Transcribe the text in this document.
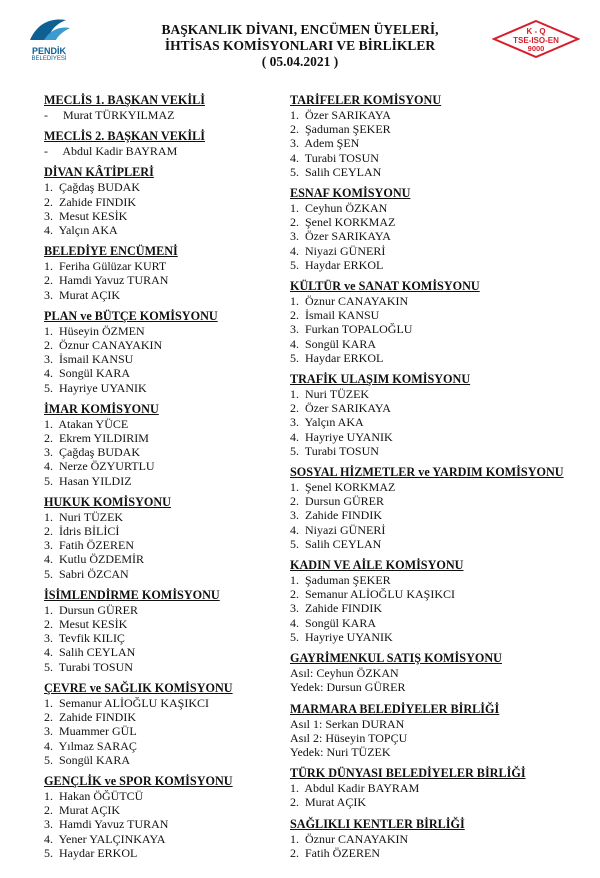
PENDİK
BELEDİYESİ
BAŞKANLIK DİVANI, ENCÜMEN ÜYELERİ,
İHTİSAS KOMİSYONLARI VE BİRLİKLER
( 05.04.2021 )
K - Q
TSE-ISO-EN
9000
MECLİS 1. BAŞKAN VEKİLİ
- Murat TÜRKYILMAZ
MECLİS 2. BAŞKAN VEKİLİ
- Abdul Kadir BAYRAM
DİVAN KÂTİPLERİ
1. Çağdaş BUDAK
2. Zahide FINDIK
3. Mesut KESİK
4. Yalçın AKA
BELEDİYE ENCÜMENİ
1. Feriha Gülüzar KURT
2. Hamdi Yavuz TURAN
3. Murat AÇIK
PLAN ve BÜTÇE KOMİSYONU
1. Hüseyin ÖZMEN
2. Öznur CANAYAKIN
3. İsmail KANSU
4. Songül KARA
5. Hayriye UYANIK
İMAR KOMİSYONU
1. Atakan YÜCE
2. Ekrem YILDIRIM
3. Çağdaş BUDAK
4. Nerze ÖZYURTLU
5. Hasan YILDIZ
HUKUK KOMİSYONU
1. Nuri TÜZEK
2. İdris BİLİCİ
3. Fatih ÖZEREN
4. Kutlu ÖZDEMİR
5. Sabri ÖZCAN
İSİMLENDİRME KOMİSYONU
1. Dursun GÜRER
2. Mesut KESİK
3. Tevfik KILIÇ
4. Salih CEYLAN
5. Turabi TOSUN
ÇEVRE ve SAĞLIK KOMİSYONU
1. Semanur ALİOĞLU KAŞIKCI
2. Zahide FINDIK
3. Muammer GÜL
4. Yılmaz SARAÇ
5. Songül KARA
GENÇLİK ve SPOR KOMİSYONU
1. Hakan ÖĞÜTCÜ
2. Murat AÇIK
3. Hamdi Yavuz TURAN
4. Yener YALÇINKAYA
5. Haydar ERKOL
TARİFELER KOMİSYONU
1. Özer SARIKAYA
2. Şaduman ŞEKER
3. Adem ŞEN
4. Turabi TOSUN
5. Salih CEYLAN
ESNAF KOMİSYONU
1. Ceyhun ÖZKAN
2. Şenel KORKMAZ
3. Özer SARIKAYA
4. Niyazi GÜNERİ
5. Haydar ERKOL
KÜLTÜR ve SANAT KOMİSYONU
1. Öznur CANAYAKIN
2. İsmail KANSU
3. Furkan TOPALOĞLU
4. Songül KARA
5. Haydar ERKOL
TRAFİK ULAŞIM KOMİSYONU
1. Nuri TÜZEK
2. Özer SARIKAYA
3. Yalçın AKA
4. Hayriye UYANIK
5. Turabi TOSUN
SOSYAL HİZMETLER ve YARDIM KOMİSYONU
1. Şenel KORKMAZ
2. Dursun GÜRER
3. Zahide FINDIK
4. Niyazi GÜNERİ
5. Salih CEYLAN
KADIN VE AİLE KOMİSYONU
1. Şaduman ŞEKER
2. Semanur ALİOĞLU KAŞIKCI
3. Zahide FINDIK
4. Songül KARA
5. Hayriye UYANIK
GAYRİMENKUL SATIŞ KOMİSYONU
Asıl: Ceyhun ÖZKAN
Yedek: Dursun GÜRER
MARMARA BELEDİYELER BİRLİĞİ
Asıl 1: Serkan DURAN
Asıl 2: Hüseyin TOPÇU
Yedek: Nuri TÜZEK
TÜRK DÜNYASI BELEDİYELER BİRLİĞİ
1. Abdul Kadir BAYRAM
2. Murat AÇIK
SAĞLIKLI KENTLER BİRLİĞİ
1. Öznur CANAYAKIN
2. Fatih ÖZEREN
